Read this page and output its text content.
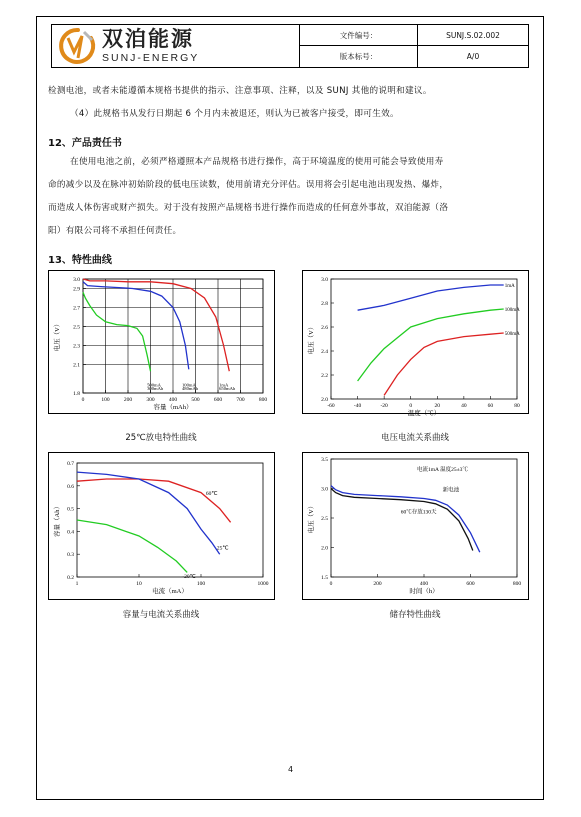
双洎能源
SUNJ-ENERGY
文件编号：	SUNJ.S.02.002
版本标号：	A/0
检测电池，或者未能遵循本规格书提供的指示、注意事项、注释，以及 SUNJ 其他的说明和建议。
（4）此规格书从发行日期起 6 个月内未被退还，则认为已被客户接受，即可生效。
12、产品责任书
在使用电池之前，必须严格遵照本产品规格书进行操作，高于环境温度的使用可能会导致使用寿
命的减少以及在脉冲初始阶段的低电压读数，使用前请充分评估。误用将会引起电池出现发热、爆炸，
而造成人体伤害或财产损失。对于没有按照产品规格书进行操作而造成的任何意外事故，双洎能源（洛
阳）有限公司将不承担任何责任。
13、特性曲线
0	100	200	300	400	500	600	700	800
1.8
2.1
2.3
2.5
2.7
2.9
3.0
容量（mAh）
电压（V）
500mA
300mAh
100mA
480mAh
1mA
650mAh
-60	-40	-20	0	20	40	60	80
2.0
2.2
2.4
2.6
2.8
3.0
温度（℃）
电压（V）
1mA
100mA
500mA
1	10	100	1000
0.2
0.3
0.4
0.5
0.6
0.7
电流（mA）
容量（Ah）
60℃
25℃
-20℃
0	200	400	600	800
1.5
2.0
2.5
3.0
3.5
时间（h）
电压（V）
电流1mA 温度25±3℃
新电池
60℃存放130天
25℃放电特性曲线	电压电流关系曲线
容量与电流关系曲线	储存特性曲线
4
